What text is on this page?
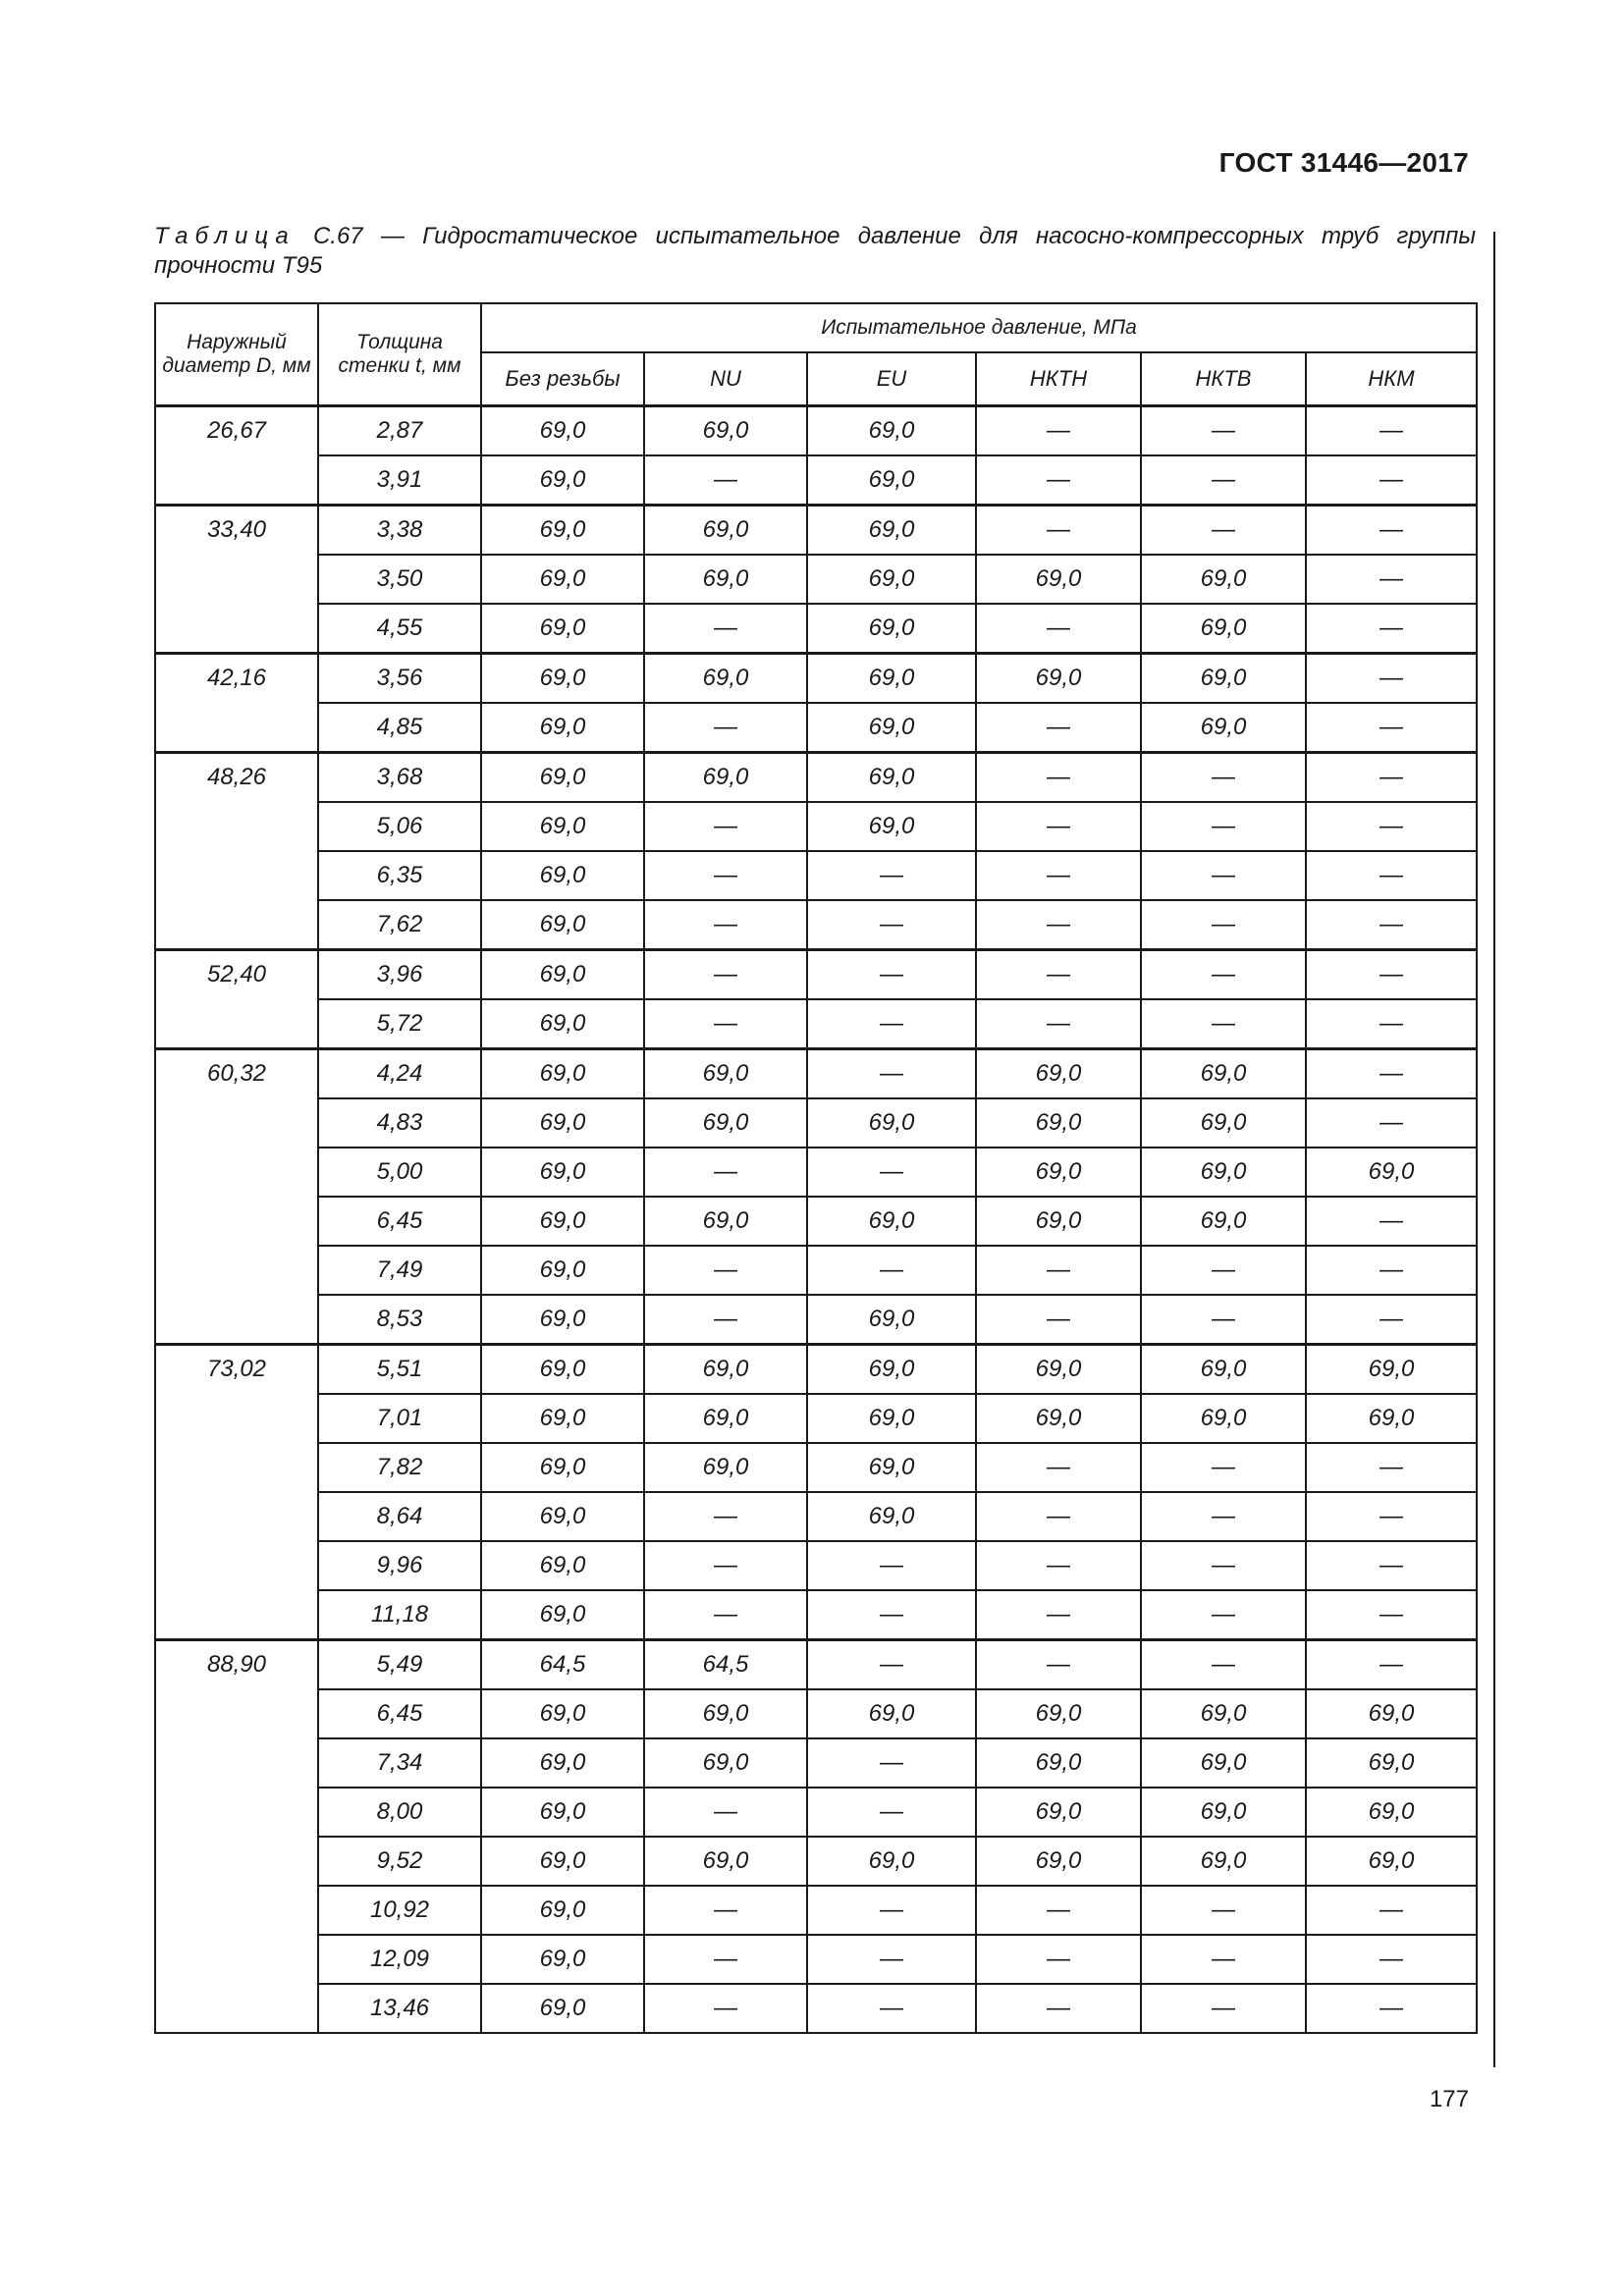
ГОСТ 31446—2017
Таблица С.67 — Гидростатическое испытательное давление для насосно-компрессорных труб группы прочности Т95
Наружный диаметр D, мм	Толщина стенки t, мм	Испытательное давление, МПа					
		Без резьбы	NU	EU	НКТН	НКТВ	НКМ
26,67	2,87	69,0	69,0	69,0	—	—	—
	3,91	69,0	—	69,0	—	—	—
33,40	3,38	69,0	69,0	69,0	—	—	—
	3,50	69,0	69,0	69,0	69,0	69,0	—
	4,55	69,0	—	69,0	—	69,0	—
42,16	3,56	69,0	69,0	69,0	69,0	69,0	—
	4,85	69,0	—	69,0	—	69,0	—
48,26	3,68	69,0	69,0	69,0	—	—	—
	5,06	69,0	—	69,0	—	—	—
	6,35	69,0	—	—	—	—	—
	7,62	69,0	—	—	—	—	—
52,40	3,96	69,0	—	—	—	—	—
	5,72	69,0	—	—	—	—	—
60,32	4,24	69,0	69,0	—	69,0	69,0	—
	4,83	69,0	69,0	69,0	69,0	69,0	—
	5,00	69,0	—	—	69,0	69,0	69,0
	6,45	69,0	69,0	69,0	69,0	69,0	—
	7,49	69,0	—	—	—	—	—
	8,53	69,0	—	69,0	—	—	—
73,02	5,51	69,0	69,0	69,0	69,0	69,0	69,0
	7,01	69,0	69,0	69,0	69,0	69,0	69,0
	7,82	69,0	69,0	69,0	—	—	—
	8,64	69,0	—	69,0	—	—	—
	9,96	69,0	—	—	—	—	—
	11,18	69,0	—	—	—	—	—
88,90	5,49	64,5	64,5	—	—	—	—
	6,45	69,0	69,0	69,0	69,0	69,0	69,0
	7,34	69,0	69,0	—	69,0	69,0	69,0
	8,00	69,0	—	—	69,0	69,0	69,0
	9,52	69,0	69,0	69,0	69,0	69,0	69,0
	10,92	69,0	—	—	—	—	—
	12,09	69,0	—	—	—	—	—
	13,46	69,0	—	—	—	—	—
177
